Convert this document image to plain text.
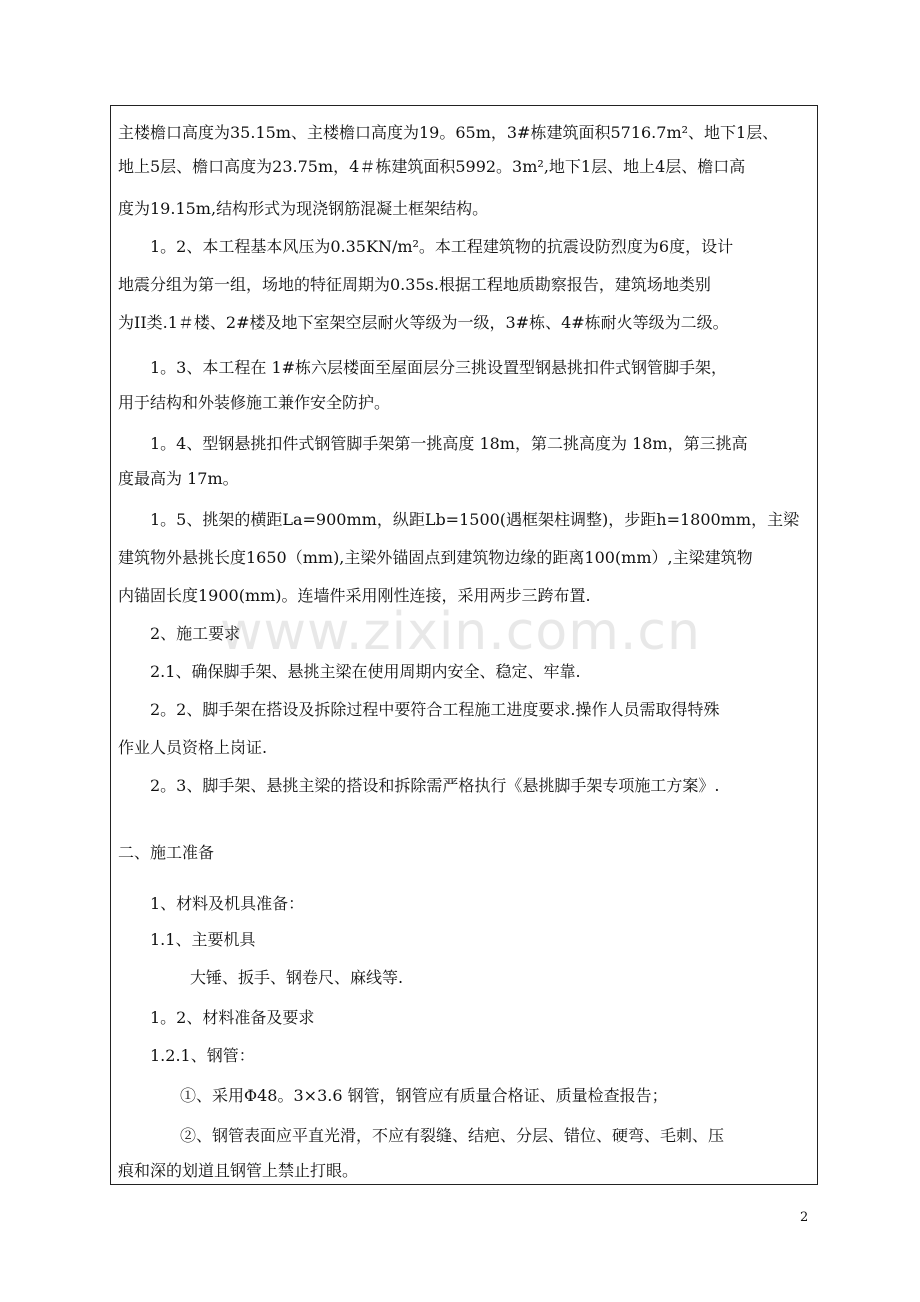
www.zixin.com.cn
主楼檐口高度为35.15m、主楼檐口高度为19。65m，3#栋建筑面积5716.7m²、地下1层、
地上5层、檐口高度为23.75m，4＃栋建筑面积5992。3m²,地下1层、地上4层、檐口高
度为19.15m,结构形式为现浇钢筋混凝土框架结构。
1。2、本工程基本风压为0.35KN/m²。本工程建筑物的抗震设防烈度为6度，设计
地震分组为第一组，场地的特征周期为0.35s.根据工程地质勘察报告，建筑场地类别
为II类.1＃楼、2#楼及地下室架空层耐火等级为一级，3#栋、4#栋耐火等级为二级。
1。3、本工程在 1#栋六层楼面至屋面层分三挑设置型钢悬挑扣件式钢管脚手架，
用于结构和外装修施工兼作安全防护。
1。4、型钢悬挑扣件式钢管脚手架第一挑高度 18m，第二挑高度为 18m，第三挑高
度最高为 17m。
1。5、挑架的横距La=900mm，纵距Lb=1500(遇框架柱调整)，步距h=1800mm，主梁
建筑物外悬挑长度1650（mm),主梁外锚固点到建筑物边缘的距离100(mm）,主梁建筑物
内锚固长度1900(mm)。连墙件采用刚性连接，采用两步三跨布置.
2、施工要求
2.1、确保脚手架、悬挑主梁在使用周期内安全、稳定、牢靠.
2。2、脚手架在搭设及拆除过程中要符合工程施工进度要求.操作人员需取得特殊
作业人员资格上岗证.
2。3、脚手架、悬挑主梁的搭设和拆除需严格执行《悬挑脚手架专项施工方案》.
二、施工准备
1、材料及机具准备：
1.1、主要机具
大锤、扳手、钢卷尺、麻线等.
1。2、材料准备及要求
1.2.1、钢管：
①、采用Φ48。3×3.6 钢管，钢管应有质量合格证、质量检查报告；
②、钢管表面应平直光滑，不应有裂缝、结疤、分层、错位、硬弯、毛刺、压
痕和深的划道且钢管上禁止打眼。
2
